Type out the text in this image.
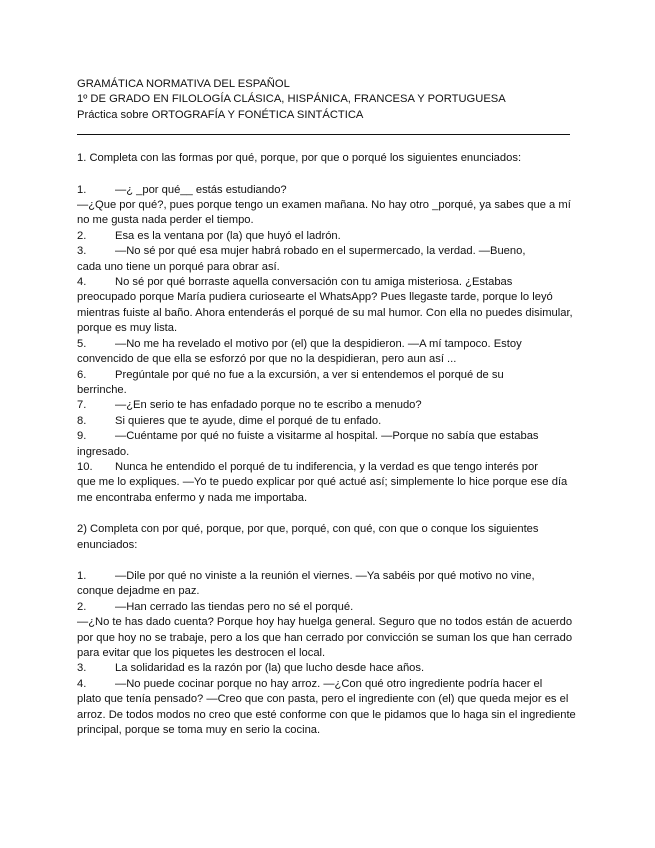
GRAMÁTICA NORMATIVA DEL ESPAÑOL
1º DE GRADO EN FILOLOGÍA CLÁSICA, HISPÁNICA, FRANCESA Y PORTUGUESA
Práctica sobre ORTOGRAFÍA Y FONÉTICA SINTÁCTICA

1. Completa con las formas por qué, porque, por que o porqué los siguientes enunciados:

1.	—¿ _por qué__ estás estudiando?
—¿Que por qué?, pues porque tengo un examen mañana. No hay otro _porqué, ya sabes que a mí no me gusta nada perder el tiempo.
2.	Esa es la ventana por (la) que huyó el ladrón.
3.	—No sé por qué esa mujer habrá robado en el supermercado, la verdad. —Bueno,
cada uno tiene un porqué para obrar así.
4.	No sé por qué borraste aquella conversación con tu amiga misteriosa. ¿Estabas
preocupado porque María pudiera curiosearte el WhatsApp? Pues llegaste tarde, porque lo leyó mientras fuiste al baño. Ahora entenderás el porqué de su mal humor. Con ella no puedes disimular, porque es muy lista.
5.	—No me ha revelado el motivo por (el) que la despidieron. —A mí tampoco. Estoy
convencido de que ella se esforzó por que no la despidieran, pero aun así ...
6.	Pregúntale por qué no fue a la excursión, a ver si entendemos el porqué de su
berrinche.
7.	—¿En serio te has enfadado porque no te escribo a menudo?
8.	Si quieres que te ayude, dime el porqué de tu enfado.
9.	—Cuéntame por qué no fuiste a visitarme al hospital. —Porque no sabía que estabas
ingresado.
10.	Nunca he entendido el porqué de tu indiferencia, y la verdad es que tengo interés por
que me lo expliques. —Yo te puedo explicar por qué actué así; simplemente lo hice porque ese día me encontraba enfermo y nada me importaba.

2) Completa con por qué, porque, por que, porqué, con qué, con que o conque los siguientes enunciados:

1.	—Dile por qué no viniste a la reunión el viernes. —Ya sabéis por qué motivo no vine,
conque dejadme en paz.
2.	—Han cerrado las tiendas pero no sé el porqué.
—¿No te has dado cuenta? Porque hoy hay huelga general. Seguro que no todos están de acuerdo por que hoy no se trabaje, pero a los que han cerrado por convicción se suman los que han cerrado para evitar que los piquetes les destrocen el local.
3.	La solidaridad es la razón por (la) que lucho desde hace años.
4.	—No puede cocinar porque no hay arroz. —¿Con qué otro ingrediente podría hacer el
plato que tenía pensado? —Creo que con pasta, pero el ingrediente con (el) que queda mejor es el arroz. De todos modos no creo que esté conforme con que le pidamos que lo haga sin el ingrediente principal, porque se toma muy en serio la cocina.
